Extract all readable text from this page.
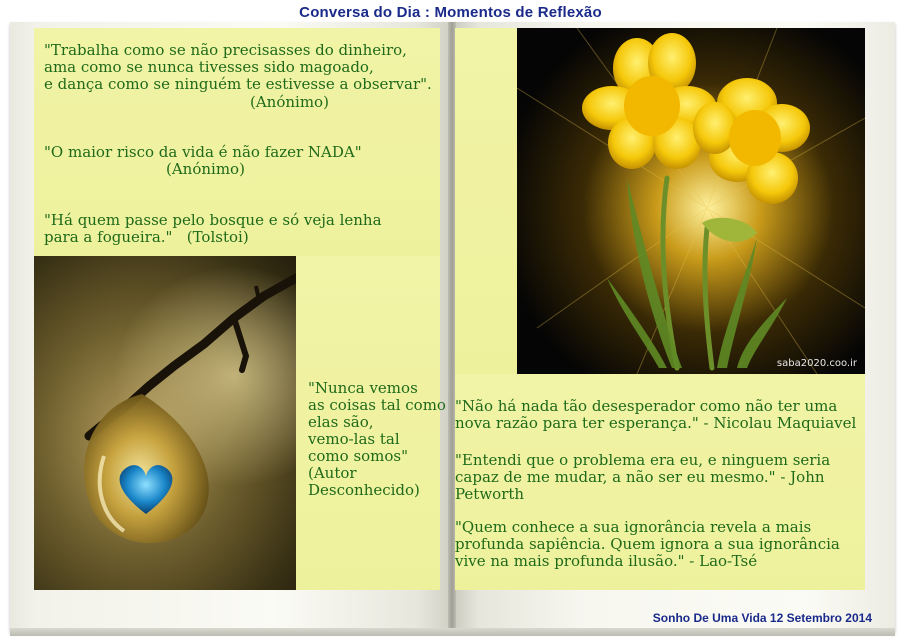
Conversa do Dia : Momentos de Reflexão
"Trabalha como se não precisasses do dinheiro,
ama como se nunca tivesses sido magoado,
e dança como se ninguém te estivesse a observar".
(Anónimo)
"O maior risco da vida é não fazer NADA"
(Anónimo)
"Há quem passe pelo bosque e só veja lenha
para a fogueira."   (Tolstoi)
"Nunca vemos
as coisas tal como
elas são,
vemo-las tal
como somos"
(Autor
Desconhecido)
saba2020.coo.ir
"Não há nada tão desesperador como não ter uma
nova razão para ter esperança." - Nicolau Maquiavel
"Entendi que o problema era eu, e ninguem seria
capaz de me mudar, a não ser eu mesmo." - John
Petworth
"Quem conhece a sua ignorância revela a mais
profunda sapiência. Quem ignora a sua ignorância
vive na mais profunda ilusão." - Lao-Tsé
Sonho De Uma Vida 12 Setembro 2014
